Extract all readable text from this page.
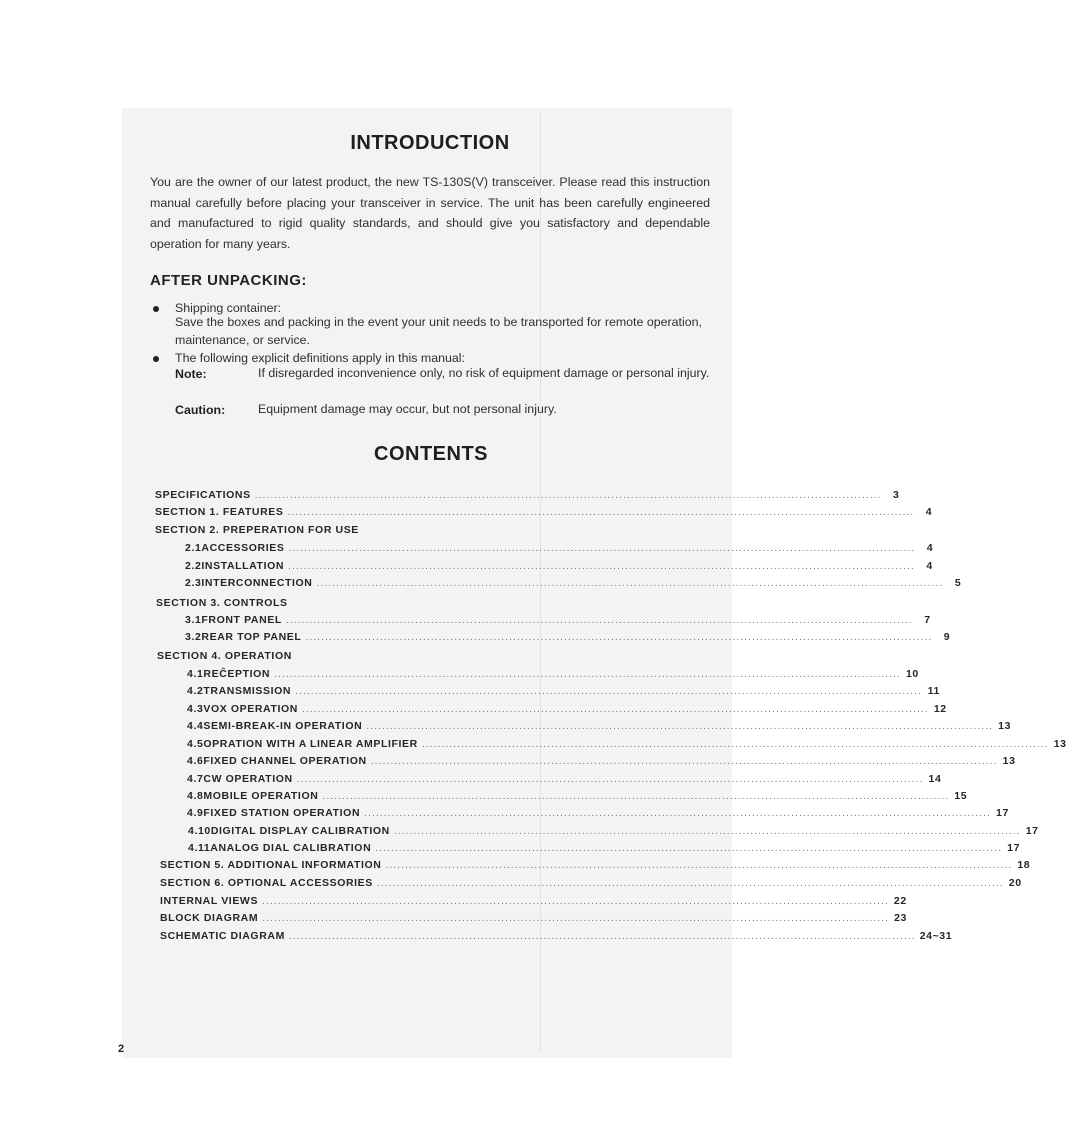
INTRODUCTION

You are the owner of our latest product, the new TS-130S(V) transceiver. Please read this instruction manual carefully before placing your transceiver in service. The unit has been carefully engineered and manufactured to rigid quality standards, and should give you satisfactory and dependable operation for many years.

AFTER UNPACKING:

Shipping container:

Save the boxes and packing in the event your unit needs to be transported for remote operation, maintenance, or service.

The following explicit definitions apply in this manual:

Note:	If disregarded inconvenience only, no risk of equipment damage or personal injury.

Caution:	Equipment damage may occur, but not personal injury.

CONTENTS
SPECIFICATIONS ................................................................................................................................................................	3
SECTION 1. FEATURES ................................................................................................................................................................	4
SECTION 2. PREPERATION FOR USE
2.1 ACCESSORIES ................................................................................................................................................................	4
2.2 INSTALLATION ................................................................................................................................................................	4
2.3 INTERCONNECTION ................................................................................................................................................................	5
SECTION 3. CONTROLS
3.1 FRONT PANEL ................................................................................................................................................................	7
3.2 REAR TOP PANEL ................................................................................................................................................................	9
SECTION 4. OPERATION
4.1 REĈEPTION ................................................................................................................................................................ 10
4.2 TRANSMISSION ................................................................................................................................................................ 11
4.3 VOX OPERATION ................................................................................................................................................................ 12
4.4 SEMI-BREAK-IN OPERATION ................................................................................................................................................................ 13
4.5 OPRATION WITH A LINEAR AMPLIFIER ................................................................................................................................................................ 13
4.6 FIXED CHANNEL OPERATION ................................................................................................................................................................ 13
4.7 CW OPERATION ................................................................................................................................................................ 14
4.8 MOBILE OPERATION ................................................................................................................................................................ 15
4.9 FIXED STATION OPERATION ................................................................................................................................................................ 17
4.10 DIGITAL DISPLAY CALIBRATION ................................................................................................................................................................ 17
4.11 ANALOG DIAL CALIBRATION ................................................................................................................................................................ 17
SECTION 5. ADDITIONAL INFORMATION ................................................................................................................................................................ 18
SECTION 6. OPTIONAL ACCESSORIES ................................................................................................................................................................ 20
INTERNAL VIEWS ................................................................................................................................................................ 22
BLOCK DIAGRAM ................................................................................................................................................................ 23
SCHEMATIC DIAGRAM ................................................................................................................................................................ 24~31
2
